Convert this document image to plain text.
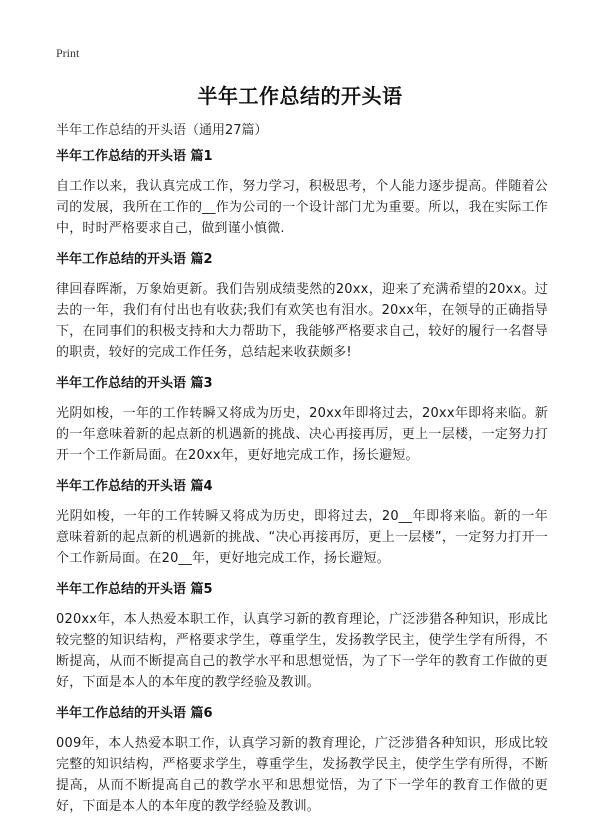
Print
半年工作总结的开头语
半年工作总结的开头语（通用27篇）
半年工作总结的开头语 篇1

自工作以来，我认真完成工作，努力学习，积极思考，个人能力逐步提高。伴随着公司的发展，我所在工作的__作为公司的一个设计部门尤为重要。所以，我在实际工作中，时时严格要求自己，做到谨小慎微.

半年工作总结的开头语 篇2

律回春晖渐，万象始更新。我们告别成绩斐然的20xx，迎来了充满希望的20xx。过去的一年，我们有付出也有收获;我们有欢笑也有泪水。20xx年，在领导的正确指导下，在同事们的积极支持和大力帮助下，我能够严格要求自己，较好的履行一名督导的职责，较好的完成工作任务，总结起来收获颇多!

半年工作总结的开头语 篇3

光阴如梭，一年的工作转瞬又将成为历史，20xx年即将过去，20xx年即将来临。新的一年意味着新的起点新的机遇新的挑战、决心再接再厉，更上一层楼，一定努力打开一个工作新局面。在20xx年，更好地完成工作，扬长避短。

半年工作总结的开头语 篇4

光阴如梭，一年的工作转瞬又将成为历史，即将过去，20__年即将来临。新的一年意味着新的起点新的机遇新的挑战、“决心再接再厉，更上一层楼”，一定努力打开一个工作新局面。在20__年，更好地完成工作，扬长避短。

半年工作总结的开头语 篇5

020xx年，本人热爱本职工作，认真学习新的教育理论，广泛涉猎各种知识，形成比较完整的知识结构，严格要求学生，尊重学生，发扬教学民主，使学生学有所得，不断提高，从而不断提高自己的教学水平和思想觉悟，为了下一学年的教育工作做的更好，下面是本人的本年度的教学经验及教训。

半年工作总结的开头语 篇6

009年，本人热爱本职工作，认真学习新的教育理论，广泛涉猎各种知识，形成比较完整的知识结构，严格要求学生，尊重学生，发扬教学民主，使学生学有所得，不断提高，从而不断提高自己的教学水平和思想觉悟，为了下一学年的教育工作做的更好，下面是本人的本年度的教学经验及教训。
